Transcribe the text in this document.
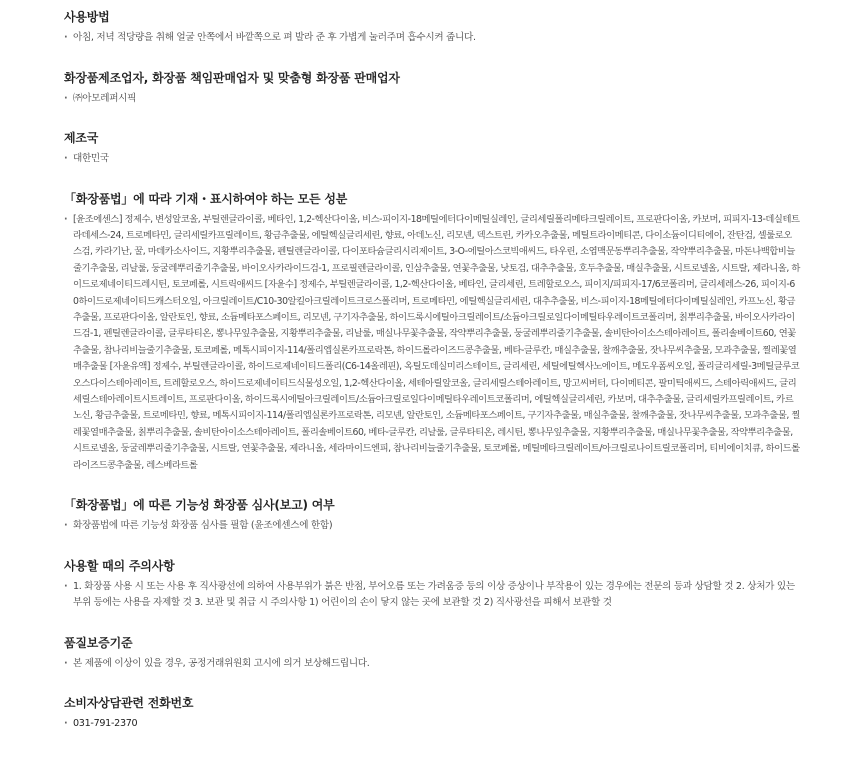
사용방법
· 아침, 저녁 적당량을 취해 얼굴 안쪽에서 바깥쪽으로 펴 발라 준 후 가볍게 눌러주며 흡수시켜 줍니다.
화장품제조업자, 화장품 책임판매업자 및 맞춤형 화장품 판매업자
· ㈜아모레퍼시픽
제조국
· 대한민국
「화장품법」에 따라 기재・표시하여야 하는 모든 성분
· [윤조에센스] 정제수, 변성알코올, 부틸렌글라이콜, 베타인, 1,2-헥산다이올, 비스-피이지-18메틸에터다이메틸실레인, 글리세릴폴리메타크릴레이트, 프로판다이올, 카보머, 피피지-13-데실테트라데세스-24, 트로메타민, 글리세릴카프릴레이트, 황금추출물, 에틸헥실글리세린, 향료, 아데노신, 리모넨, 덱스트린, 카카오추출물, 메틸트라이메티콘, 다이소듐이디티에이, 잔탄검, 셀룰로오스검, 카라기난, 꿀, 마데카소사이드, 지황뿌리추출물, 펜틸렌글라이콜, 다이포타슘글리시리제이트, 3-O-에틸아스코빅애씨드, 타우린, 소엽맥문동뿌리추출물, 작약뿌리추출물, 마돈나백합비늘줄기추출물, 리날룰, 둥굴레뿌리줄기추출물, 바이오사카라이드검-1, 프로필렌글라이콜, 인삼추출물, 연꽃추출물, 낫토검, 대추추출물, 호두추출물, 매실추출물, 시트로넬올, 시트랄, 제라니올, 하이드로제네이티드레시틴, 토코페롤, 시트릭애씨드 [자윤수] 정제수, 부틸렌글라이콜, 1,2-헥산다이올, 베타인, 글리세린, 트레할로오스, 피이지/피피지-17/6코폴리머, 글리세레스-26, 피이지-60하이드로제네이티드캐스터오일, 아크릴레이트/C10-30알킬아크릴레이트크로스폴리머, 트로메타민, 에틸헥실글리세린, 대추추출물, 비스-피이지-18메틸에터다이메틸실레인, 카프노신, 황금추출물, 프로판다이올, 알란토인, 향료, 소듐메타포스페이트, 리모넨, 구기자추출물, 하이드록시에틸아크릴레이트/소듐아크릴로일다이메틸타우레이트코폴리머, 칡뿌리추출물, 바이오사카라이드검-1, 펜틸렌글라이콜, 글루타티온, 뽕나무잎추출물, 지황뿌리추출물, 리날룰, 매실나무꽃추출물, 작약뿌리추출물, 둥굴레뿌리줄기추출물, 솔비탄아이소스테아레이트, 폴리솔베이트60, 연꽃추출물, 참나리비늘줄기추출물, 토코페롤, 메톡시피이지-114/폴리엡실론카프로락톤, 하이드롤라이즈드콩추출물, 베타-글루칸, 매실추출물, 찰깨추출물, 잣나무씨추출물, 모과추출물, 찔레꽃열매추출물 [자윤유액] 정제수, 부틸렌글라이콜, 하이드로제네이티드폴리(C6-14올레핀), 옥틸도데실미리스테이트, 글리세린, 세틸에틸헥사노에이트, 메도우폼씨오일, 폴리글리세릴-3메틸글루코오스다이스테아레이트, 트레할로오스, 하이드로제네이티드식물성오일, 1,2-헥산다이올, 세테아릴알코올, 글리세릴스테아레이트, 망고씨버터, 다이메티콘, 팔미틱애씨드, 스테아릭애씨드, 글리세릴스테아레이트시트레이트, 프로판다이올, 하이드록시에틸아크릴레이트/소듐아크릴로일다이메틸타우레이트코폴리머, 에틸헥실글리세린, 카보머, 대추추출물, 글리세릴카프릴레이트, 카르노신, 황금추출물, 트로메타민, 향료, 메톡시피이지-114/폴리엡실론카프로락톤, 리모넨, 알란토인, 소듐메타포스페이트, 구기자추출물, 매실추출물, 찰깨추출물, 잣나무씨추출물, 모과추출물, 찔레꽃열매추출물, 칡뿌리추출물, 솔비탄아이소스테아레이트, 폴리솔베이트60, 베타-글루칸, 리날룰, 글루타티온, 레시틴, 뽕나무잎추출물, 지황뿌리추출물, 매실나무꽃추출물, 작약뿌리추출물, 시트로넬올, 둥굴레뿌리줄기추출물, 시트랄, 연꽃추출물, 제라니올, 세라마이드엔피, 참나리비늘줄기추출물, 토코페롤, 메틸메타크릴레이트/아크릴로나이트릴코폴리머, 티비에이치큐, 하이드롤라이즈드콩추출물, 레스베라트롤
「화장품법」에 따른 기능성 화장품 심사(보고) 여부
· 화장품법에 따른 기능성 화장품 심사를 필함 (윤조에센스에 한함)
사용할 때의 주의사항
· 1. 화장품 사용 시 또는 사용 후 직사광선에 의하여 사용부위가 붉은 반점, 부어오름 또는 가려움증 등의 이상 증상이나 부작용이 있는 경우에는 전문의 등과 상담할 것 2. 상처가 있는 부위 등에는 사용을 자제할 것 3. 보관 및 취급 시 주의사항 1) 어린이의 손이 닿지 않는 곳에 보관할 것 2) 직사광선을 피해서 보관할 것
품질보증기준
· 본 제품에 이상이 있을 경우, 공정거래위원회 고시에 의거 보상해드립니다.
소비자상담관련 전화번호
· 031-791-2370
